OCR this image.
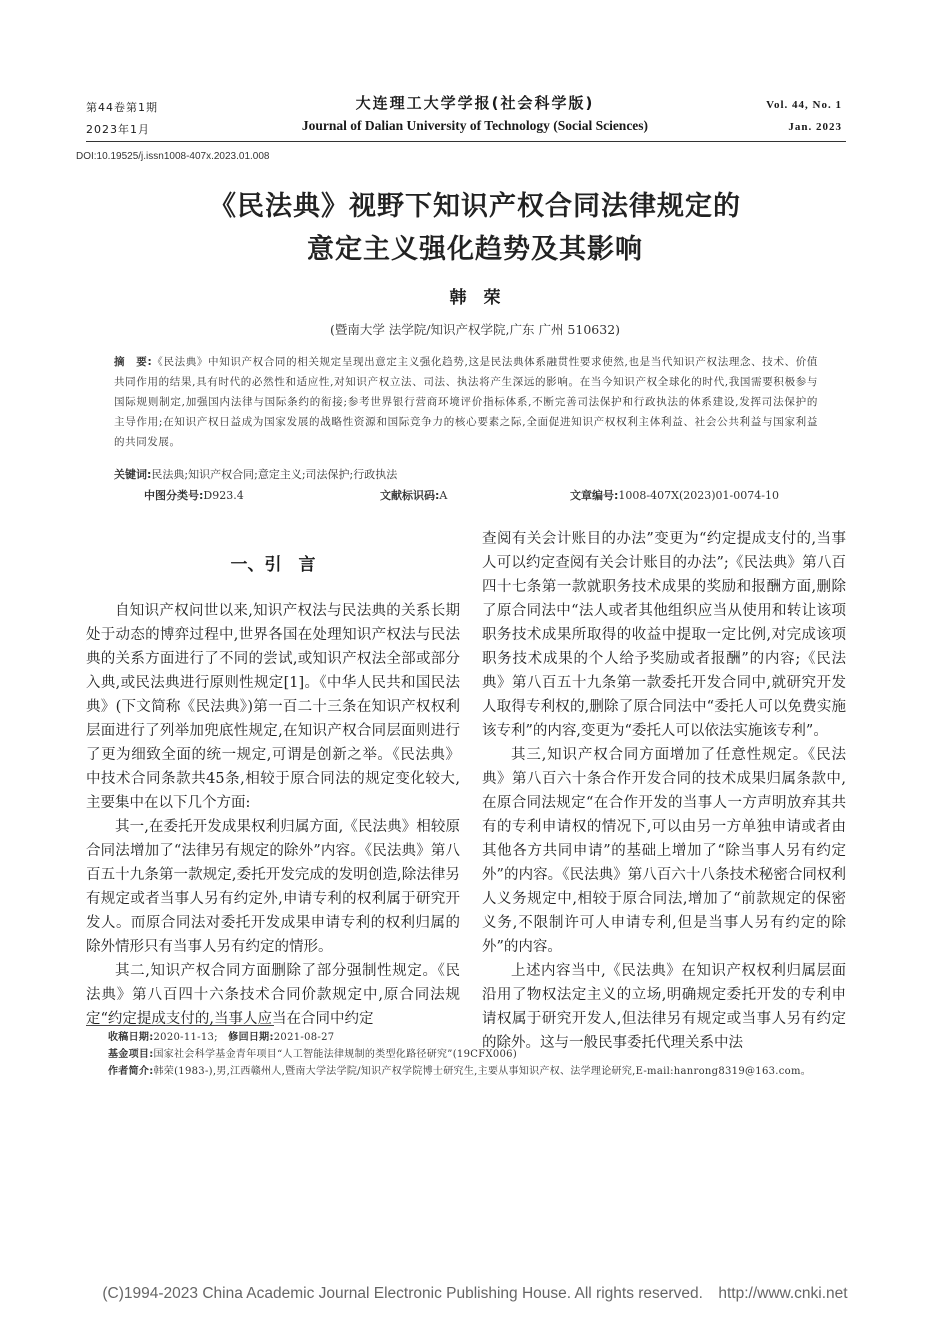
第44卷第1期
2023年1月
大连理工大学学报(社会科学版)
Journal of Dalian University of Technology (Social Sciences)
Vol. 44, No. 1
Jan. 2023
DOI:10.19525/j.issn1008-407x.2023.01.008
《民法典》视野下知识产权合同法律规定的
意定主义强化趋势及其影响
韩　荣
(暨南大学 法学院/知识产权学院,广东 广州 510632)
摘　要:《民法典》中知识产权合同的相关规定呈现出意定主义强化趋势,这是民法典体系融贯性要求使然,也是当代知识产权法理念、技术、价值共同作用的结果,具有时代的必然性和适应性,对知识产权立法、司法、执法将产生深远的影响。在当今知识产权全球化的时代,我国需要积极参与国际规则制定,加强国内法律与国际条约的衔接;参考世界银行营商环境评价指标体系,不断完善司法保护和行政执法的体系建设,发挥司法保护的主导作用;在知识产权日益成为国家发展的战略性资源和国际竞争力的核心要素之际,全面促进知识产权权利主体利益、社会公共利益与国家利益的共同发展。
关键词:民法典;知识产权合同;意定主义;司法保护;行政执法
中图分类号:D923.4	文献标识码:A	文章编号:1008-407X(2023)01-0074-10
一、引　言

自知识产权问世以来,知识产权法与民法典的关系长期处于动态的博弈过程中,世界各国在处理知识产权法与民法典的关系方面进行了不同的尝试,或知识产权法全部或部分入典,或民法典进行原则性规定[1]。《中华人民共和国民法典》(下文简称《民法典》)第一百二十三条在知识产权权利层面进行了列举加兜底性规定,在知识产权合同层面则进行了更为细致全面的统一规定,可谓是创新之举。《民法典》中技术合同条款共45条,相较于原合同法的规定变化较大,主要集中在以下几个方面:

其一,在委托开发成果权利归属方面,《民法典》相较原合同法增加了“法律另有规定的除外”内容。《民法典》第八百五十九条第一款规定,委托开发完成的发明创造,除法律另有规定或者当事人另有约定外,申请专利的权利属于研究开发人。而原合同法对委托开发成果申请专利的权利归属的除外情形只有当事人另有约定的情形。

其二,知识产权合同方面删除了部分强制性规定。《民法典》第八百四十六条技术合同价款规定中,原合同法规定“约定提成支付的,当事人应当在合同中约定

查阅有关会计账目的办法”变更为“约定提成支付的,当事人可以约定查阅有关会计账目的办法”;《民法典》第八百四十七条第一款就职务技术成果的奖励和报酬方面,删除了原合同法中“法人或者其他组织应当从使用和转让该项职务技术成果所取得的收益中提取一定比例,对完成该项职务技术成果的个人给予奖励或者报酬”的内容;《民法典》第八百五十九条第一款委托开发合同中,就研究开发人取得专利权的,删除了原合同法中“委托人可以免费实施该专利”的内容,变更为“委托人可以依法实施该专利”。

其三,知识产权合同方面增加了任意性规定。《民法典》第八百六十条合作开发合同的技术成果归属条款中,在原合同法规定“在合作开发的当事人一方声明放弃其共有的专利申请权的情况下,可以由另一方单独申请或者由其他各方共同申请”的基础上增加了“除当事人另有约定外”的内容。《民法典》第八百六十八条技术秘密合同权利人义务规定中,相较于原合同法,增加了“前款规定的保密义务,不限制许可人申请专利,但是当事人另有约定的除外”的内容。

上述内容当中,《民法典》在知识产权权利归属层面沿用了物权法定主义的立场,明确规定委托开发的专利申请权属于研究开发人,但法律另有规定或当事人另有约定的除外。这与一般民事委托代理关系中法

收稿日期:2020-11-13; 修回日期:2021-08-27
基金项目:国家社会科学基金青年项目“人工智能法律规制的类型化路径研究”(19CFX006)
作者简介:韩荣(1983-),男,江西赣州人,暨南大学法学院/知识产权学院博士研究生,主要从事知识产权、法学理论研究,E-mail:hanrong8319@163.com。
(C)1994-2023 China Academic Journal Electronic Publishing House. All rights reserved.　http://www.cnki.net
